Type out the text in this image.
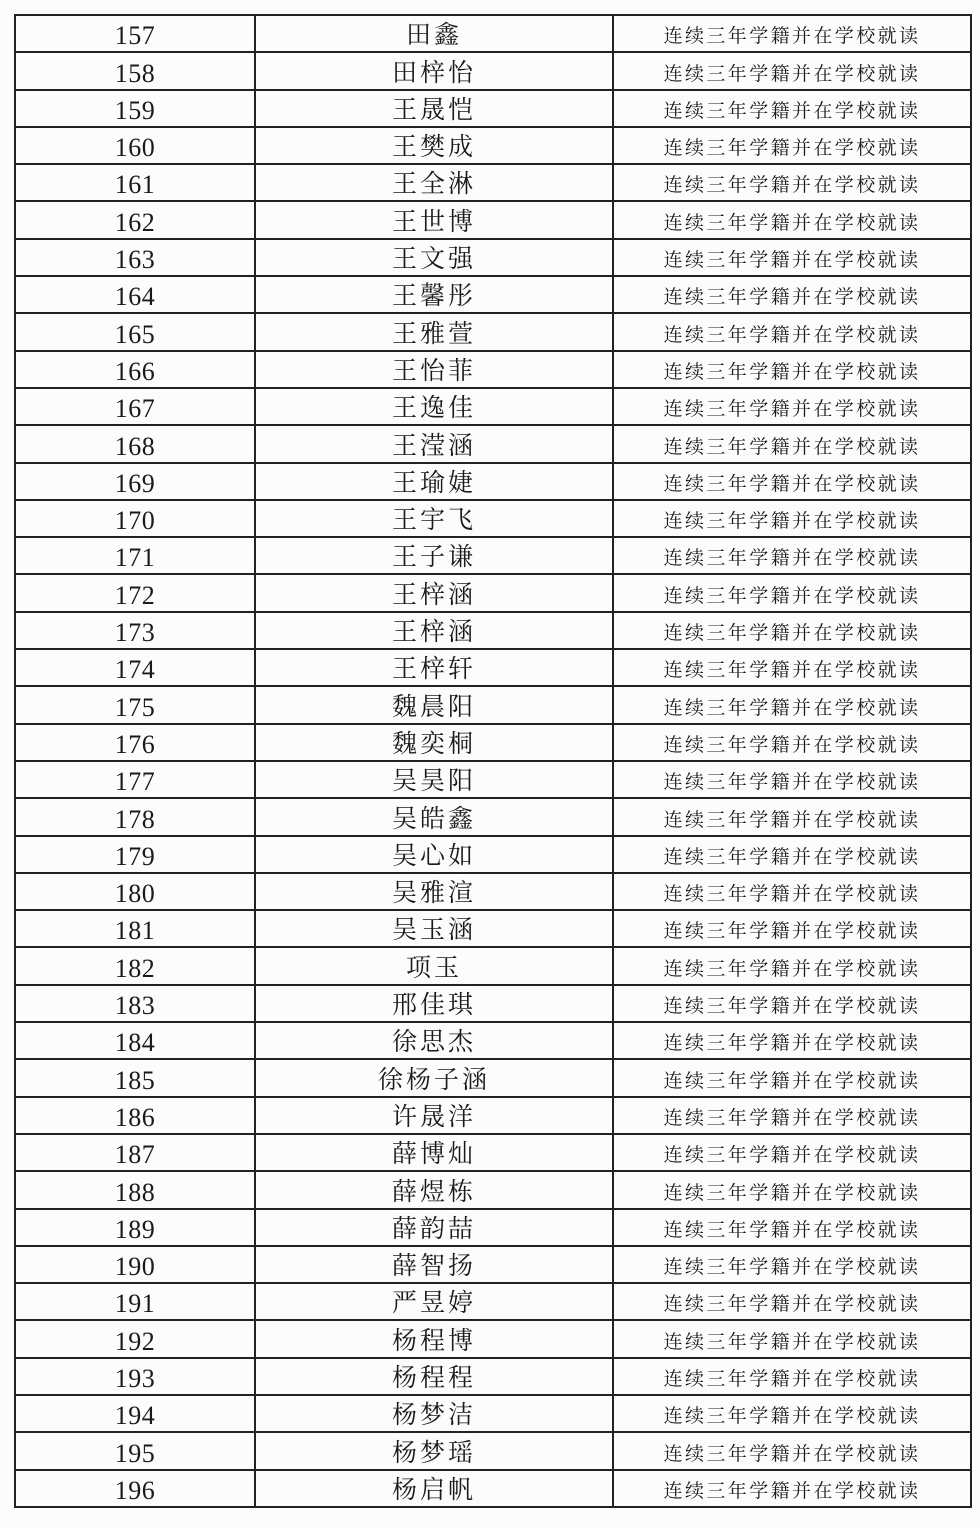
157	田鑫	连续三年学籍并在学校就读
158	田梓怡	连续三年学籍并在学校就读
159	王晟恺	连续三年学籍并在学校就读
160	王樊成	连续三年学籍并在学校就读
161	王全淋	连续三年学籍并在学校就读
162	王世博	连续三年学籍并在学校就读
163	王文强	连续三年学籍并在学校就读
164	王馨彤	连续三年学籍并在学校就读
165	王雅萱	连续三年学籍并在学校就读
166	王怡菲	连续三年学籍并在学校就读
167	王逸佳	连续三年学籍并在学校就读
168	王滢涵	连续三年学籍并在学校就读
169	王瑜婕	连续三年学籍并在学校就读
170	王宇飞	连续三年学籍并在学校就读
171	王子谦	连续三年学籍并在学校就读
172	王梓涵	连续三年学籍并在学校就读
173	王梓涵	连续三年学籍并在学校就读
174	王梓轩	连续三年学籍并在学校就读
175	魏晨阳	连续三年学籍并在学校就读
176	魏奕桐	连续三年学籍并在学校就读
177	吴昊阳	连续三年学籍并在学校就读
178	吴皓鑫	连续三年学籍并在学校就读
179	吴心如	连续三年学籍并在学校就读
180	吴雅渲	连续三年学籍并在学校就读
181	吴玉涵	连续三年学籍并在学校就读
182	项玉	连续三年学籍并在学校就读
183	邢佳琪	连续三年学籍并在学校就读
184	徐思杰	连续三年学籍并在学校就读
185	徐杨子涵	连续三年学籍并在学校就读
186	许晟洋	连续三年学籍并在学校就读
187	薛博灿	连续三年学籍并在学校就读
188	薛煜栋	连续三年学籍并在学校就读
189	薛韵喆	连续三年学籍并在学校就读
190	薛智扬	连续三年学籍并在学校就读
191	严昱婷	连续三年学籍并在学校就读
192	杨程博	连续三年学籍并在学校就读
193	杨程程	连续三年学籍并在学校就读
194	杨梦洁	连续三年学籍并在学校就读
195	杨梦瑶	连续三年学籍并在学校就读
196	杨启帆	连续三年学籍并在学校就读
